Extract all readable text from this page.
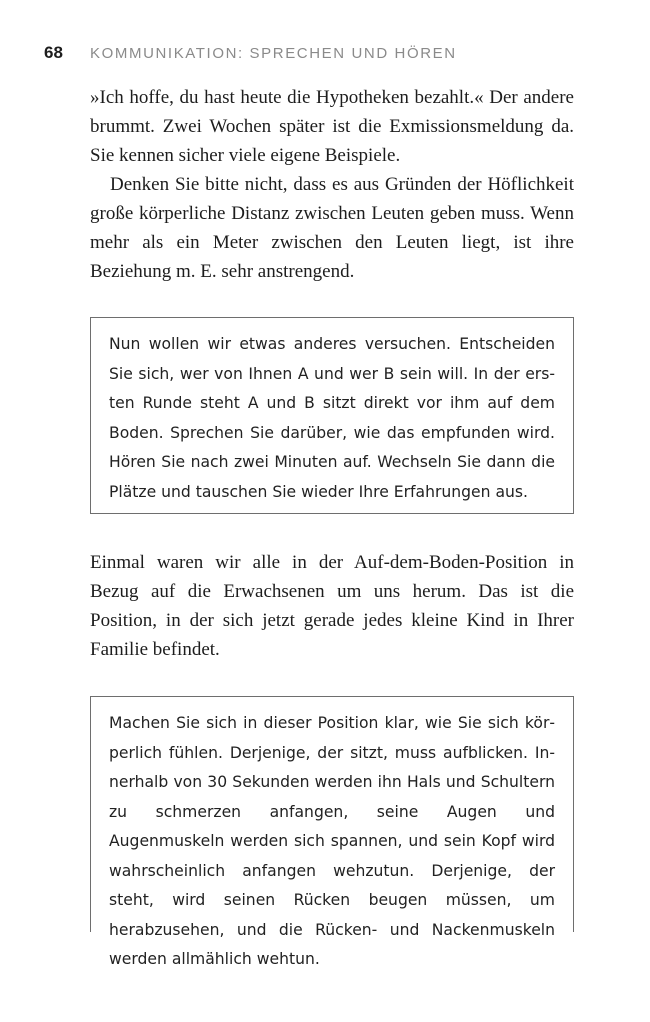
68	KOMMUNIKATION: SPRECHEN UND HÖREN

»Ich hoffe, du hast heute die Hypotheken bezahlt.« Der andere brummt. Zwei Wochen später ist die Exmissionsmeldung da. Sie kennen sicher viele eigene Beispiele.

Denken Sie bitte nicht, dass es aus Gründen der Höflichkeit große körperliche Distanz zwischen Leuten geben muss. Wenn mehr als ein Meter zwischen den Leuten liegt, ist ihre Beziehung m. E. sehr anstrengend.

Nun wollen wir etwas anderes versuchen. Entscheiden Sie sich, wer von Ihnen A und wer B sein will. In der ersten Runde steht A und B sitzt direkt vor ihm auf dem Boden. Sprechen Sie darüber, wie das empfunden wird. Hören Sie nach zwei Minuten auf. Wechseln Sie dann die Plätze und tauschen Sie wieder Ihre Erfahrungen aus.

Einmal waren wir alle in der Auf-dem-Boden-Position in Bezug auf die Erwachsenen um uns herum. Das ist die Position, in der sich jetzt gerade jedes kleine Kind in Ihrer Familie befindet.

Machen Sie sich in dieser Position klar, wie Sie sich körperlich fühlen. Derjenige, der sitzt, muss aufblicken. Innerhalb von 30 Sekunden werden ihn Hals und Schultern zu schmerzen anfangen, seine Augen und Augenmuskeln werden sich spannen, und sein Kopf wird wahrscheinlich anfangen wehzutun. Derjenige, der steht, wird seinen Rücken beugen müssen, um herabzusehen, und die Rücken- und Nackenmuskeln werden allmählich wehtun.
